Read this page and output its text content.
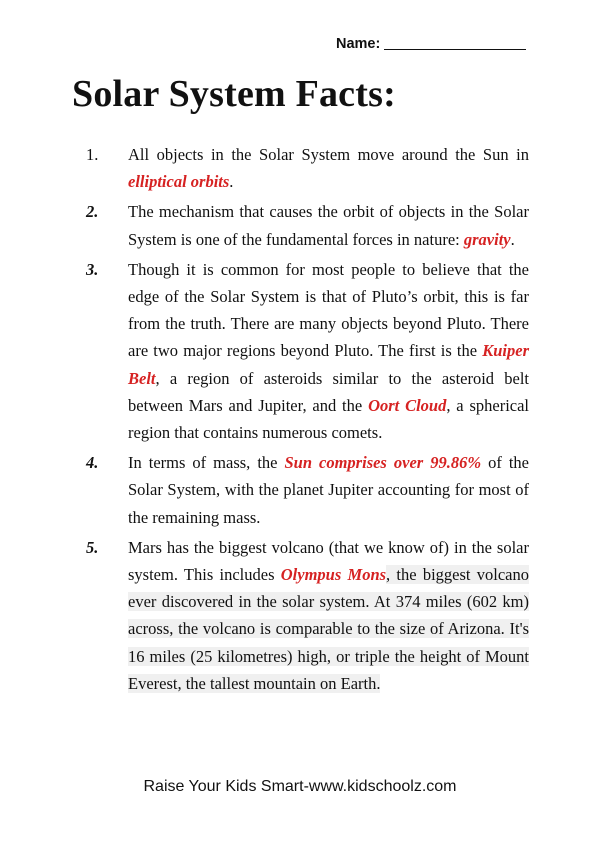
Name:
Solar System Facts:
1. All objects in the Solar System move around the Sun in elliptical orbits.
2. The mechanism that causes the orbit of objects in the Solar System is one of the fundamental forces in nature: gravity.
3. Though it is common for most people to believe that the edge of the Solar System is that of Pluto’s orbit, this is far from the truth. There are many objects beyond Pluto. There are two major regions beyond Pluto. The first is the Kuiper Belt, a region of asteroids similar to the asteroid belt between Mars and Jupiter, and the Oort Cloud, a spherical region that contains numerous comets.
4. In terms of mass, the Sun comprises over 99.86% of the Solar System, with the planet Jupiter accounting for most of the remaining mass.
5. Mars has the biggest volcano (that we know of) in the solar system. This includes Olympus Mons, the biggest volcano ever discovered in the solar system. At 374 miles (602 km) across, the volcano is comparable to the size of Arizona. It's 16 miles (25 kilometres) high, or triple the height of Mount Everest, the tallest mountain on Earth.
Raise Your Kids Smart-www.kidschoolz.com
